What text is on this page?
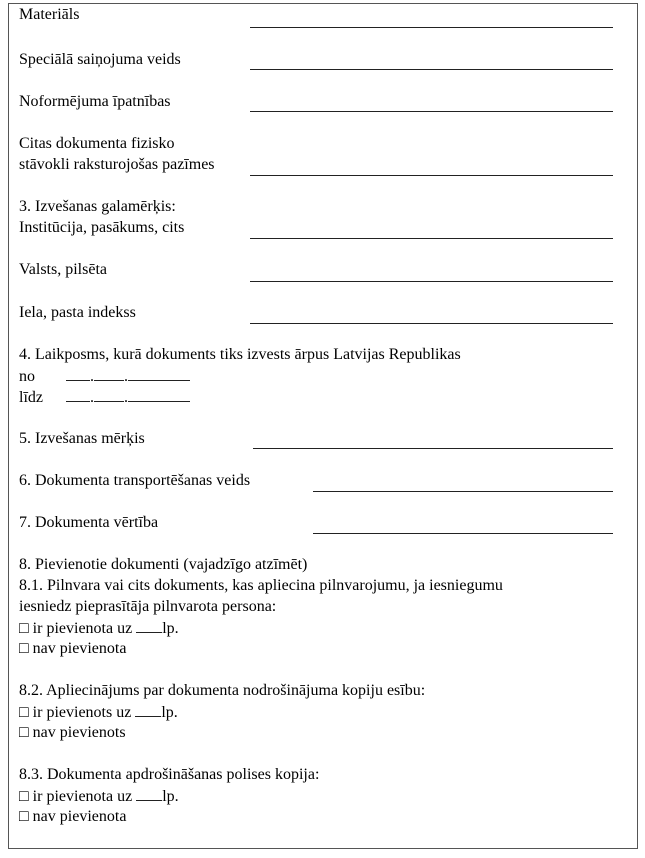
Materiāls
Speciālā saiņojuma veids
Noformējuma īpatnības
Citas dokumenta fizisko
stāvokli raksturojošas pazīmes
3. Izvešanas galamērķis:
Institūcija, pasākums, cits
Valsts, pilsēta
Iela, pasta indekss
4. Laikposms, kurā dokuments tiks izvests ārpus Latvijas Republikas
no	. .
līdz	. .
5. Izvešanas mērķis
6. Dokumenta transportēšanas veids
7. Dokumenta vērtība
8. Pievienotie dokumenti (vajadzīgo atzīmēt)
8.1. Pilnvara vai cits dokuments, kas apliecina pilnvarojumu, ja iesniegumu
iesniedz pieprasītāja pilnvarota persona:
□ ir pievienota uz lp.
□ nav pievienota
8.2. Apliecinājums par dokumenta nodrošinājuma kopiju esību:
□ ir pievienots uz lp.
□ nav pievienots
8.3. Dokumenta apdrošināšanas polises kopija:
□ ir pievienota uz lp.
□ nav pievienota
